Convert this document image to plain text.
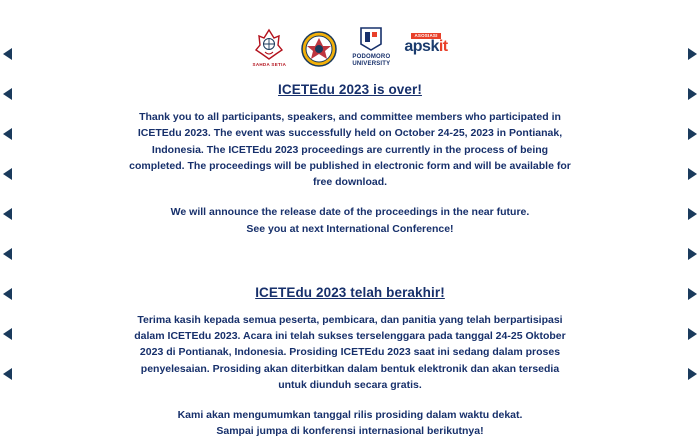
SAHDA SETIA
PODOMORO
UNIVERSITY
ASOSIASI
apskit
ICETEdu 2023 is over!

Thank you to all participants, speakers, and committee members who participated in
ICETEdu 2023. The event was successfully held on October 24-25, 2023 in Pontianak,
Indonesia. The ICETEdu 2023 proceedings are currently in the process of being
completed. The proceedings will be published in electronic form and will be available for
free download.

We will announce the release date of the proceedings in the near future.
See you at next International Conference!

ICETEdu 2023 telah berakhir!

Terima kasih kepada semua peserta, pembicara, dan panitia yang telah berpartisipasi
dalam ICETEdu 2023. Acara ini telah sukses terselenggara pada tanggal 24-25 Oktober
2023 di Pontianak, Indonesia. Prosiding ICETEdu 2023 saat ini sedang dalam proses
penyelesaian. Prosiding akan diterbitkan dalam bentuk elektronik dan akan tersedia
untuk diunduh secara gratis.

Kami akan mengumumkan tanggal rilis prosiding dalam waktu dekat.
Sampai jumpa di konferensi internasional berikutnya!
